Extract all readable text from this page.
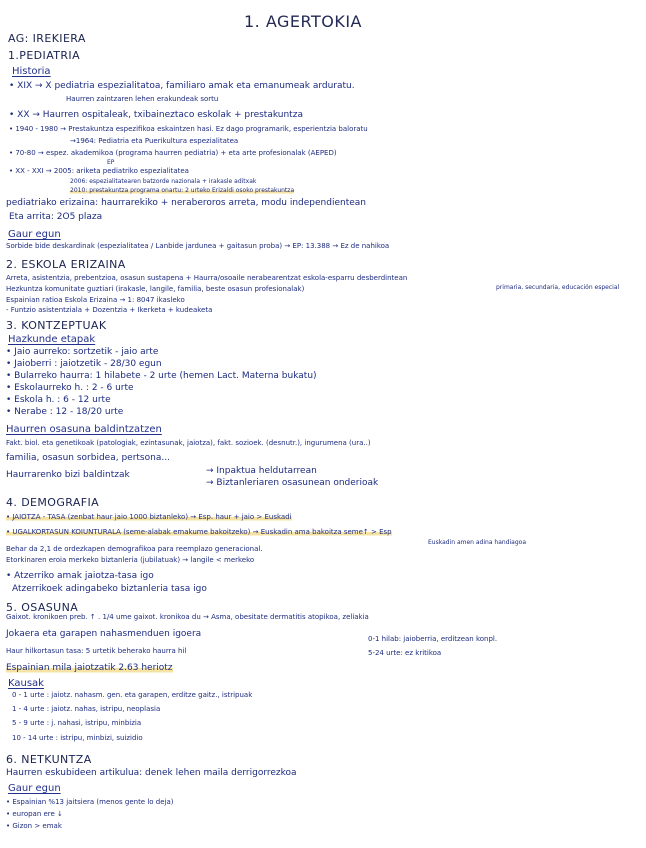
1. AGERTOKIA
AG: IREKIERA
1.PEDIATRIA
Historia
• XIX → X pediatria espezialitatoa, familiaro amak eta emanumeak arduratu.
Haurren zaintzaren lehen erakundeak sortu
• XX → Haurren ospitaleak, txibaineztaco eskolak + prestakuntza
• 1940 - 1980 → Prestakuntza espezifikoa eskaintzen hasi. Ez dago programarik, esperientzia baloratu
→1964: Pediatria eta Puerikultura espezialitatea
• 70-80 → espez. akademikoa (programa haurren pediatria) + eta arte profesionalak (AEPED)
EP
• XX - XXI → 2005: ariketa pediatriko espezialitatea
2006: espezialitatearen batzorde nazionala + irakasle aditxak
2010: prestakuntza programa onartu: 2 urteko Erizaldi osoko prestakuntza
pediatriako erizaina: haurrarekiko + neraberoros arreta, modu independientean
Eta arrita: 2O5 plaza
Gaur egun
Sorbide bide deskardinak (espezialitatea / Lanbide jardunea + gaitasun proba) → EP: 13.388 → Ez de nahikoa
2. ESKOLA ERIZAINA
Arreta, asistentzia, prebentzioa, osasun sustapena + Haurra/osoaile nerabearentzat eskola-esparru desberdintean
Hezkuntza komunitate guztiari (irakasle, langile, familia, beste osasun profesionalak)	primaria, secundaria, educación especial
Espainian ratioa Eskola Erizaina → 1: 8047 ikasleko
- Funtzio asistentziala + Dozentzia + Ikerketa + kudeaketa
3. KONTZEPTUAK
Hazkunde etapak
• Jaio aurreko: sortzetik - jaio arte
• Jaioberri : jaiotzetik - 28/30 egun
• Bularreko haurra: 1 hilabete - 2 urte (hemen Lact. Materna bukatu)
• Eskolaurreko h. : 2 - 6 urte
• Eskola h. : 6 - 12 urte
• Nerabe : 12 - 18/20 urte
Haurren osasuna baldintzatzen
Fakt. biol. eta genetikoak (patologiak, ezintasunak, jaiotza), fakt. sozioek. (desnutr.), ingurumena (ura..)
familia, osasun sorbidea, pertsona...
Haurrarenko bizi baldintzak	→ Inpaktua heldutarrean
→ Biztanleriaren osasunean onderioak
4. DEMOGRAFIA
• JAIOTZA - TASA (zenbat haur jaio 1000 biztanleko) → Esp. haur + jaio > Euskadi
• UGALKORTASUN KOIUNTURALA (seme-alabak emakume bakoitzeko) → Euskadin ama bakoitza seme↑ > Esp
Euskadin amen adina handiagoa
Behar da 2,1 de ordezkapen demografikoa para reemplazo generacional.
Etorkinaren eroia merkeko biztanleria (jubilatuak) → langile < merkeko
• Atzerriko amak jaiotza-tasa igo
Atzerrikoek adingabeko biztanleria tasa igo
5. OSASUNA
Gaixot. kronikoen preb. ↑ . 1/4 ume gaixot. kronikoa du → Asma, obesitate dermatitis atopikoa, zeliakia
Jokaera eta garapen nahasmenduen igoera
Haur hilkortasun tasa: 5 urtetik beherako haurra hil
0-1 hilab: jaioberria, erditzean konpl.
5-24 urte: ez kritikoa
Espainian mila jaiotzatik 2.63 heriotz
Kausak
0 - 1 urte : jaiotz. nahasm. gen. eta garapen, erditze gaitz., istripuak
1 - 4 urte : jaiotz. nahas, istripu, neoplasia
5 - 9 urte : j. nahasi, istripu, minbizia
10 - 14 urte : istripu, minbizi, suizidio
6. NETKUNTZA
Haurren eskubideen artikulua: denek lehen maila derrigorrezkoa
Gaur egun
• Espainian %13 jaitsiera (menos gente lo deja)
• europan ere ↓
• Gizon > emak
